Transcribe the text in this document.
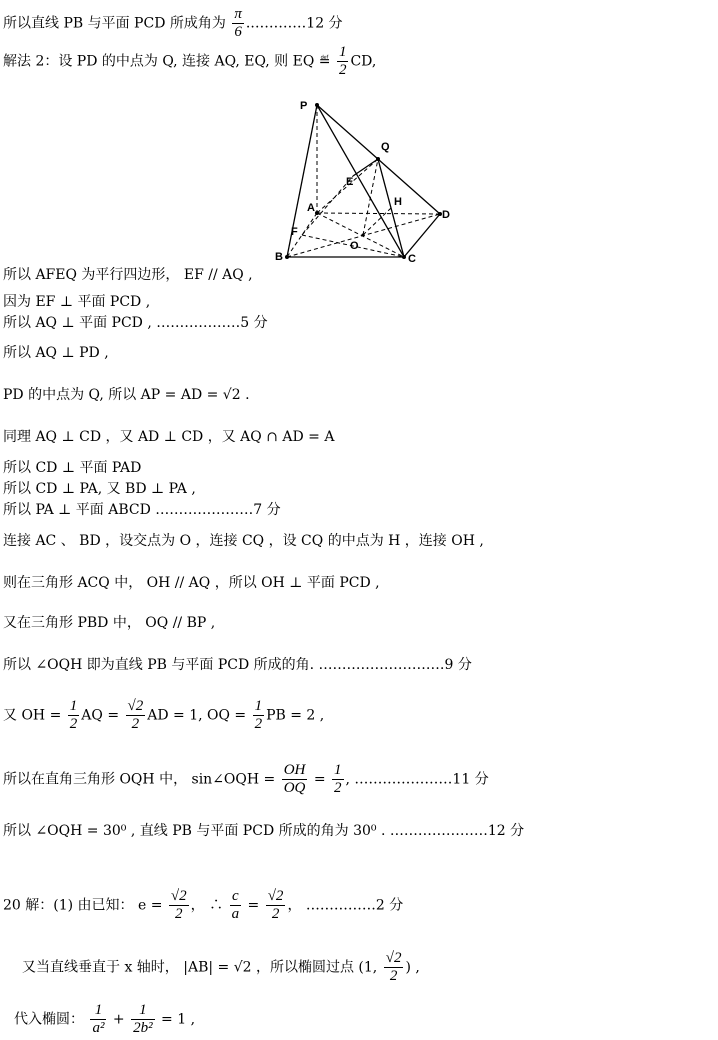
所以直线 PB 与平面 PCD 所成角为 $\frac{\pi}{6}$ .…………12 分
解法 2：设 PD 的中点为 Q, 连接 AQ, EQ, 则 EQ ≝ $\frac{1}{2}$ CD,
P
Q
E
A	H
D
F
O
B	C
所以 AFEQ 为平行四边形， EF // AQ ,
因为 EF ⊥ 平面 PCD ,
所以 AQ ⊥ 平面 PCD , ………………5 分
所以 AQ ⊥ PD ,
PD 的中点为 Q, 所以 AP = AD = √2 .
同理 AQ ⊥ CD ，又 AD ⊥ CD ，又 AQ ∩ AD = A
所以 CD ⊥ 平面 PAD
所以 CD ⊥ PA, 又 BD ⊥ PA ,
所以 PA ⊥ 平面 ABCD …………………7 分
连接 AC 、 BD ，设交点为 O ，连接 CQ ，设 CQ 的中点为 H ，连接 OH ,
则在三角形 ACQ 中， OH // AQ ，所以 OH ⊥ 平面 PCD ,
又在三角形 PBD 中， OQ // BP ,
所以 ∠OQH 即为直线 PB 与平面 PCD 所成的角. ………………………9 分
又 OH = $\frac{1}{2}$ AQ = $\frac{√2}{2}$ AD = 1, OQ = $\frac{1}{2}$ PB = 2 ,
所以在直角三角形 OQH 中， sin∠OQH = $\frac{OH}{OQ} = \frac{1}{2}$ , …………………11 分
所以 ∠OQH = 30⁰ , 直线 PB 与平面 PCD 所成的角为 30⁰ . …………………12 分
20 解：(1) 由已知： $e = \frac{√2}{2}$ ， ∴ $\frac{c}{a} = \frac{√2}{2}$ ， ……………2 分
又当直线垂直于 x 轴时， |AB| = √2 ，所以椭圆过点 (1, $\frac{√2}{2}$ ) ,
代入椭圆： $\frac{1}{\text{a²}} + \frac{1}{\text{2b²}} = 1$ ,
